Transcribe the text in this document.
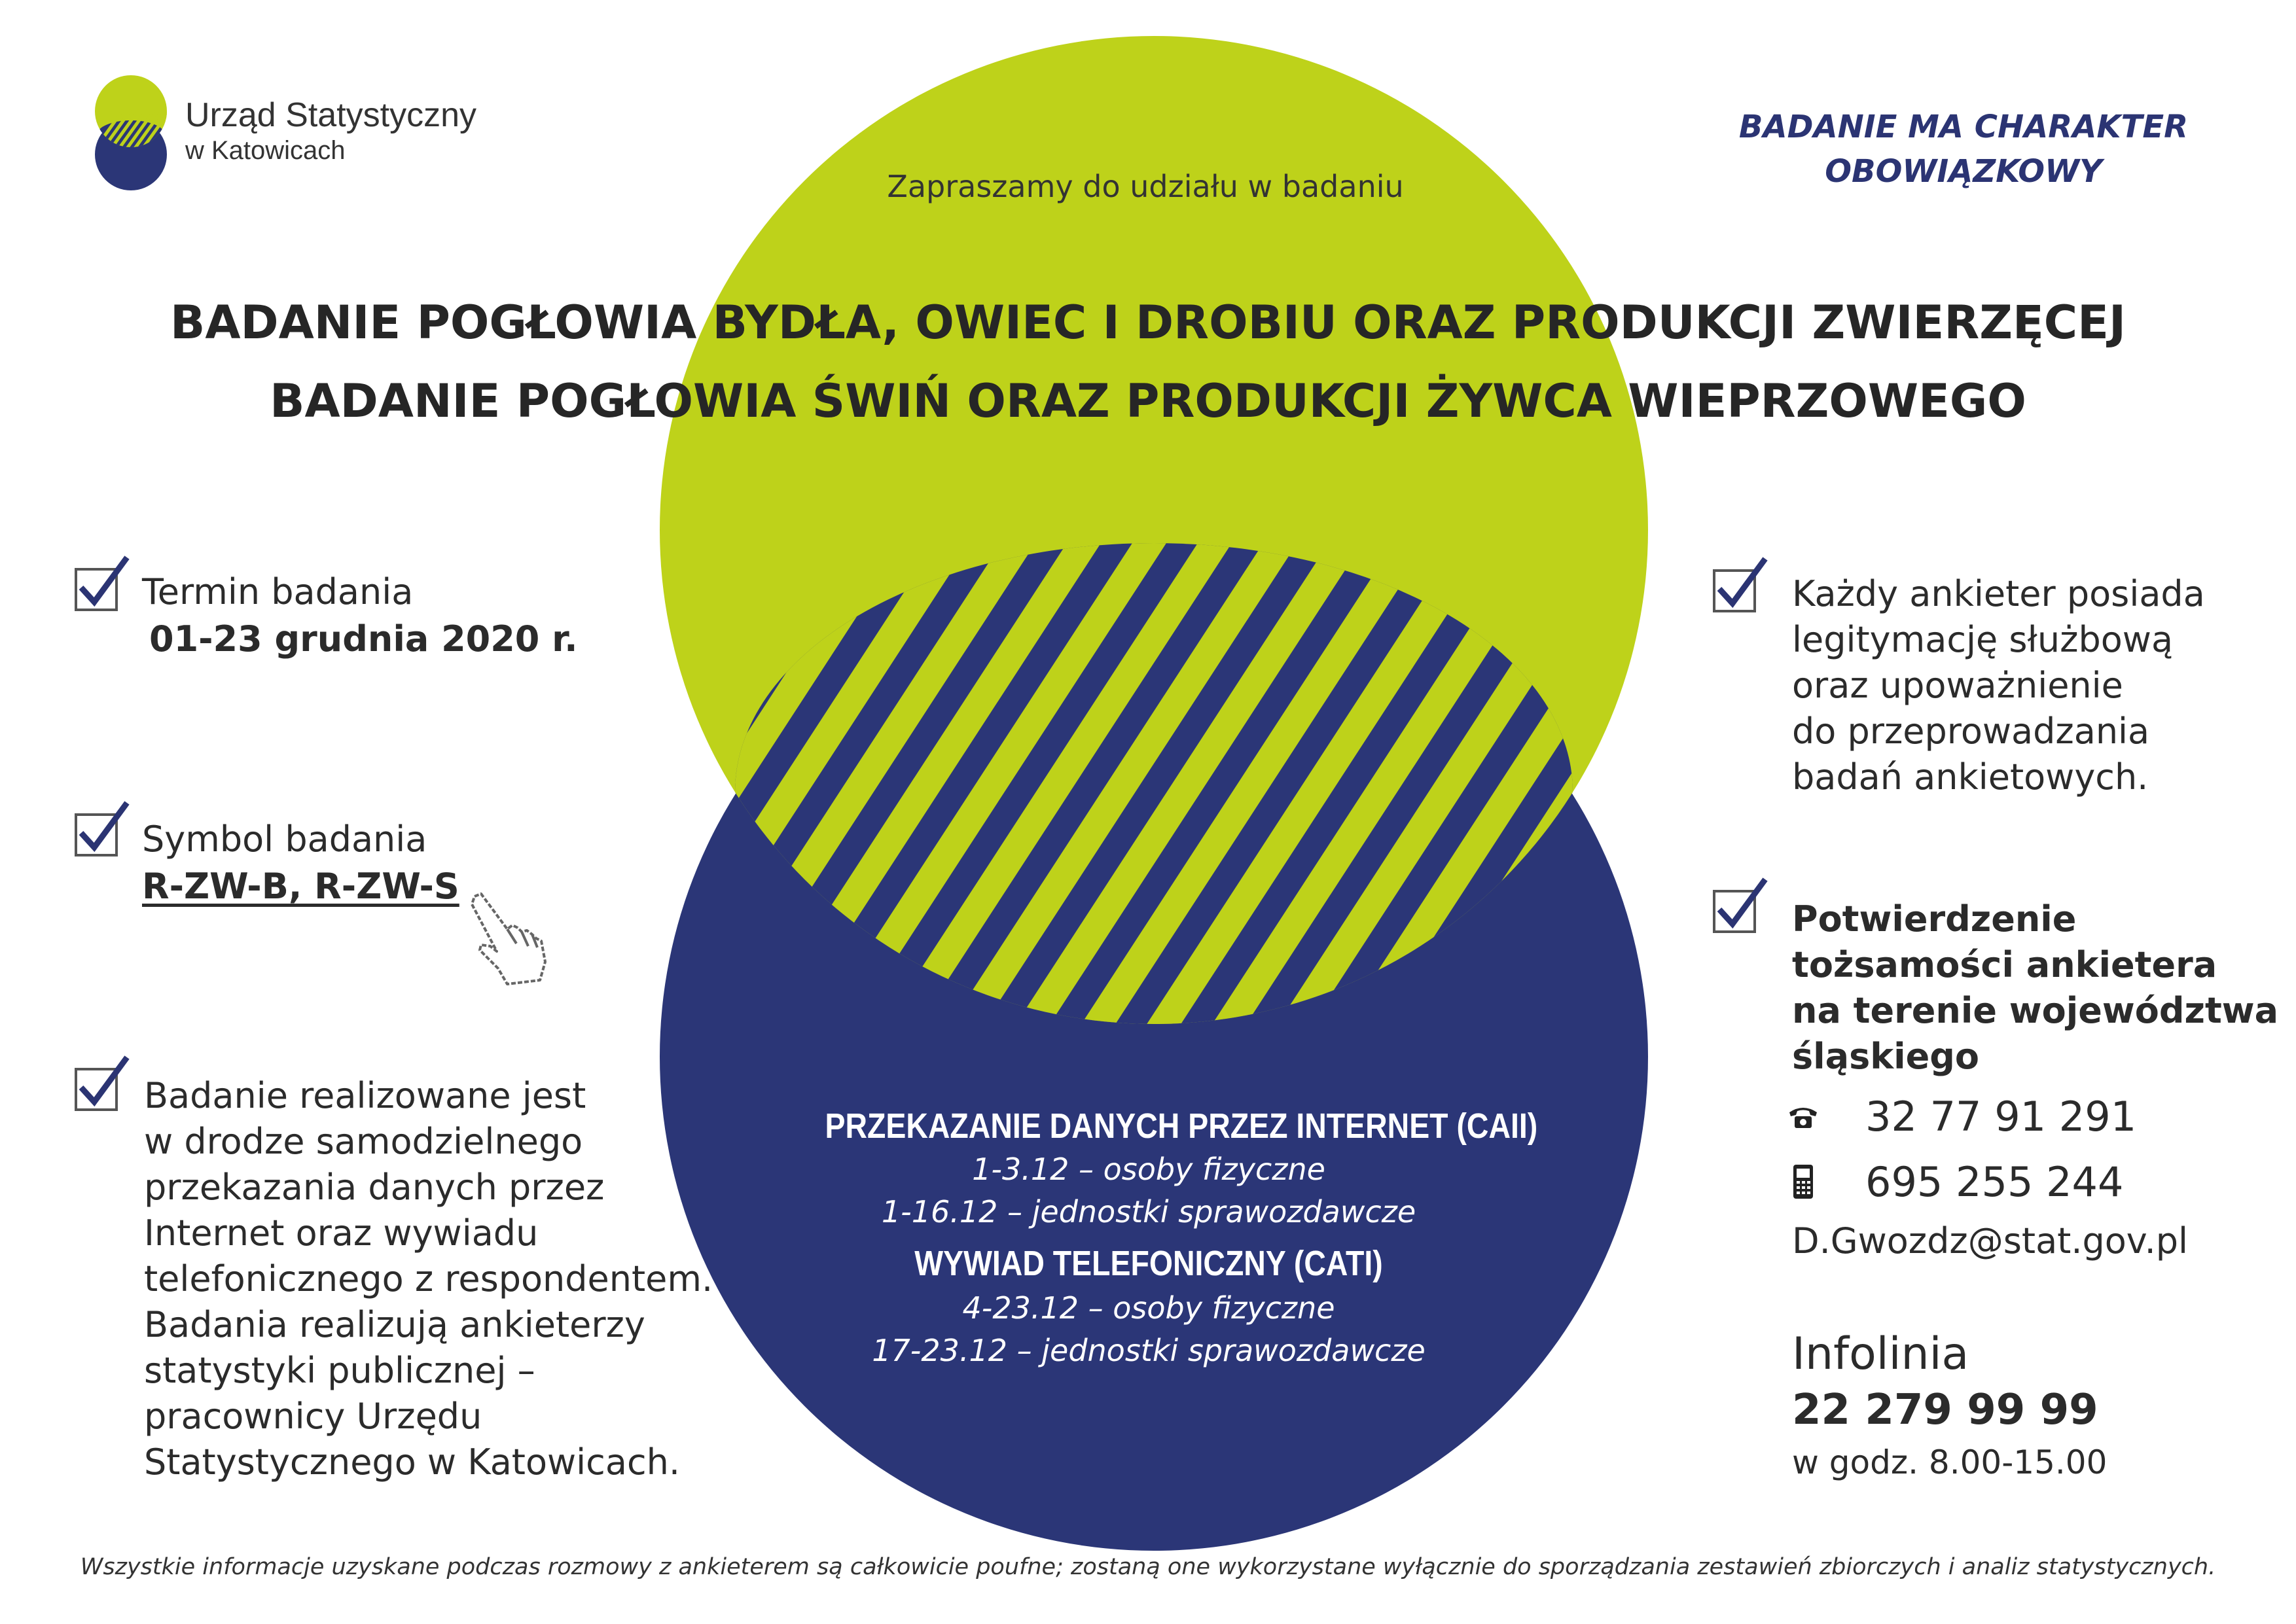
Urząd Statystyczny
w Katowicach
BADANIE MA CHARAKTER
OBOWIĄZKOWY
Zapraszamy do udziału w badaniu
BADANIE POGŁOWIA BYDŁA, OWIEC I DROBIU ORAZ PRODUKCJI ZWIERZĘCEJ
BADANIE POGŁOWIA ŚWIŃ ORAZ PRODUKCJI ŻYWCA WIEPRZOWEGO
Termin badania
01-23 grudnia 2020 r.
Symbol badania
R-ZW-B, R-ZW-S
Badanie realizowane jest
w drodze samodzielnego
przekazania danych przez
Internet oraz wywiadu
telefonicznego z respondentem.
Badania realizują ankieterzy
statystyki publicznej –
pracownicy Urzędu
Statystycznego w Katowicach.
PRZEKAZANIE DANYCH PRZEZ INTERNET (CAII)
1-3.12 – osoby fizyczne
1-16.12 – jednostki sprawozdawcze
WYWIAD TELEFONICZNY (CATI)
4-23.12 – osoby fizyczne
17-23.12 – jednostki sprawozdawcze
Każdy ankieter posiada
legitymację służbową
oraz upoważnienie
do przeprowadzania
badań ankietowych.
Potwierdzenie
tożsamości ankietera
na terenie województwa
śląskiego
32 77 91 291
695 255 244
D.Gwozdz@stat.gov.pl
Infolinia
22 279 99 99
w godz. 8.00-15.00
Wszystkie informacje uzyskane podczas rozmowy z ankieterem są całkowicie poufne; zostaną one wykorzystane wyłącznie do sporządzania zestawień zbiorczych i analiz statystycznych.
